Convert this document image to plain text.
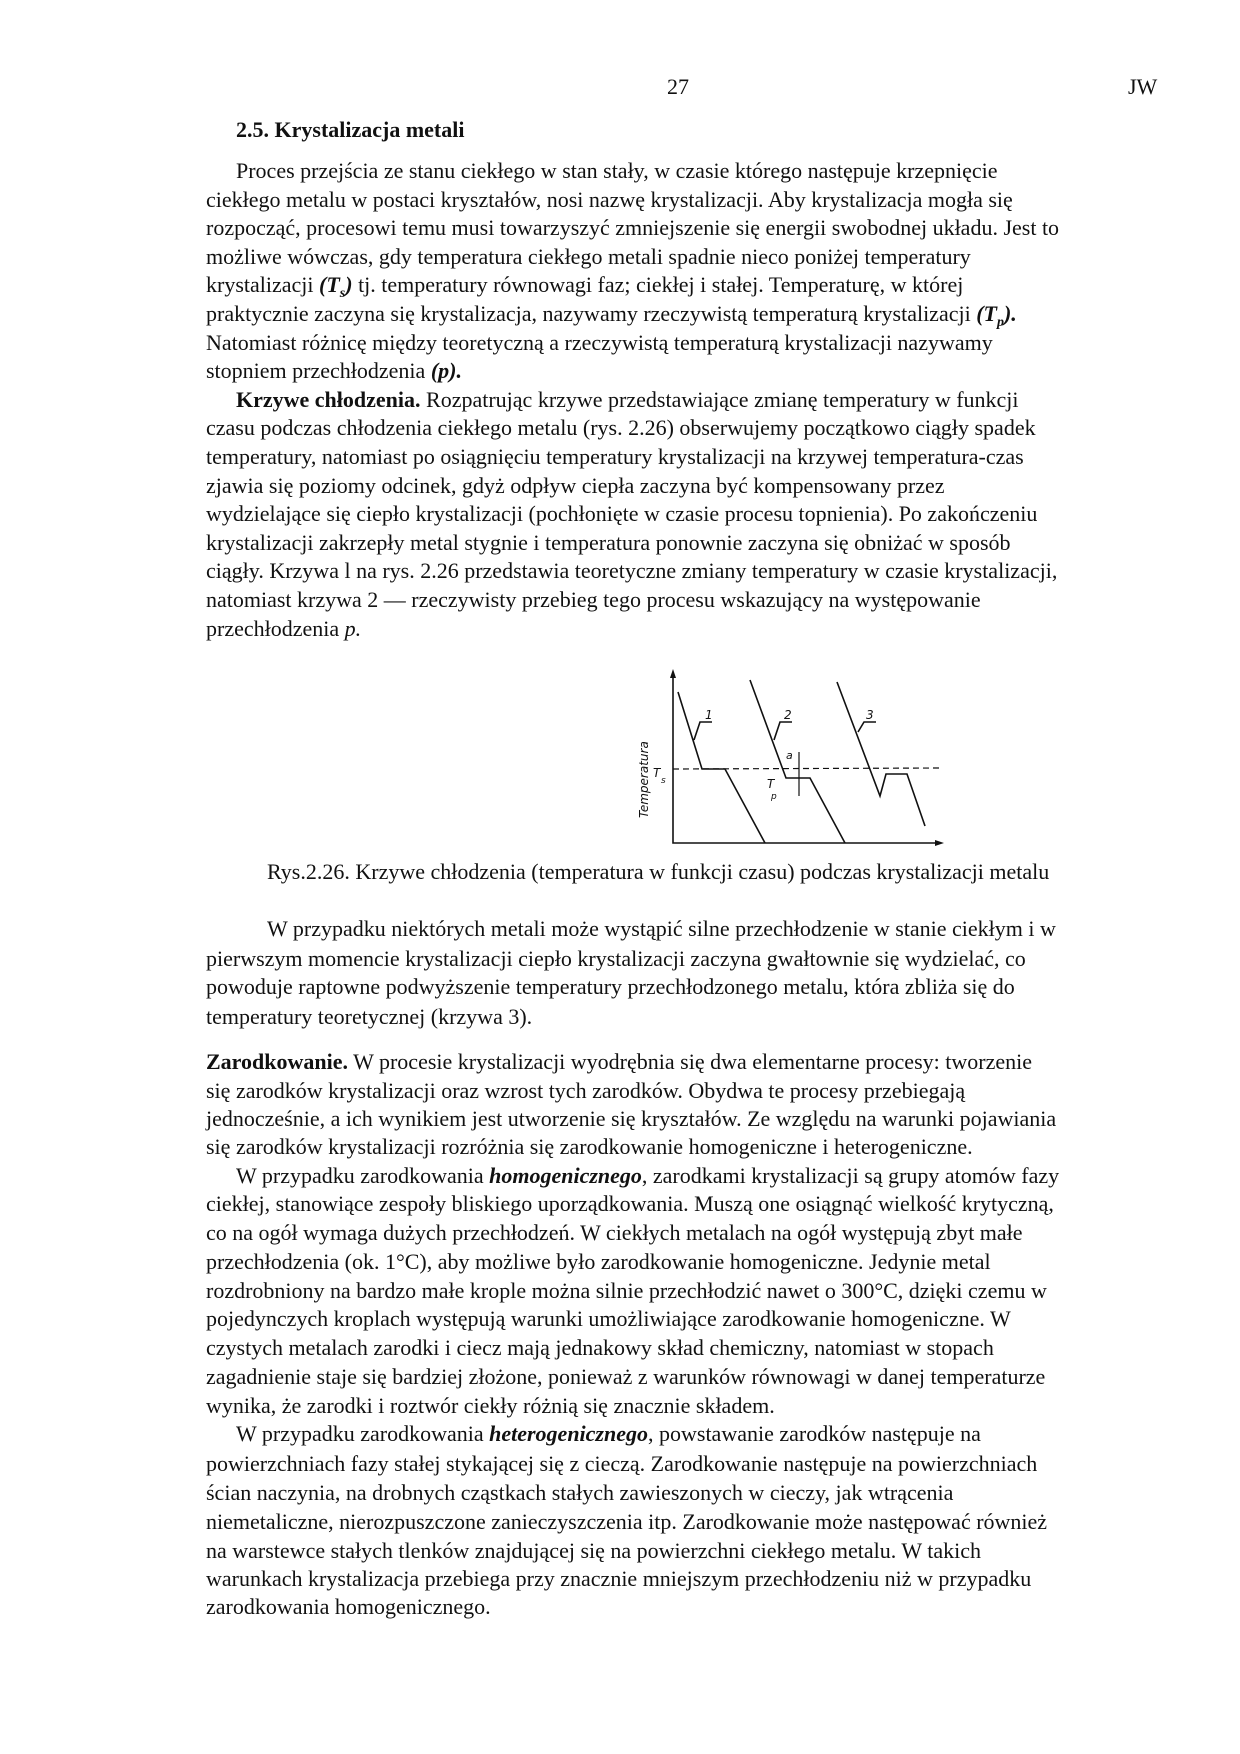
27	JW
2.5. Krystalizacja metali
Proces przejścia ze stanu ciekłego w stan stały, w czasie którego następuje krzepnięcie
ciekłego metalu w postaci kryształów, nosi nazwę krystalizacji. Aby krystalizacja mogła się
rozpocząć, procesowi temu musi towarzyszyć zmniejszenie się energii swobodnej układu. Jest to
możliwe wówczas, gdy temperatura ciekłego metali spadnie nieco poniżej temperatury
krystalizacji $(T_s)$ tj. temperatury równowagi faz; ciekłej i stałej. Temperaturę, w której
praktycznie zaczyna się krystalizacja, nazywamy rzeczywistą temperaturą krystalizacji $(T_p)$.
Natomiast różnicę między teoretyczną a rzeczywistą temperaturą krystalizacji nazywamy
stopniem przechłodzenia (p).
Krzywe chłodzenia. Rozpatrując krzywe przedstawiające zmianę temperatury w funkcji
czasu podczas chłodzenia ciekłego metalu (rys. 2.26) obserwujemy początkowo ciągły spadek
temperatury, natomiast po osiągnięciu temperatury krystalizacji na krzywej temperatura-czas
zjawia się poziomy odcinek, gdyż odpływ ciepła zaczyna być kompensowany przez
wydzielające się ciepło krystalizacji (pochłonięte w czasie procesu topnienia). Po zakończeniu
krystalizacji zakrzepły metal stygnie i temperatura ponownie zaczyna się obniżać w sposób
ciągły. Krzywa l na rys. 2.26 przedstawia teoretyczne zmiany temperatury w czasie krystalizacji,
natomiast krzywa 2 — rzeczywisty przebieg tego procesu wskazujący na występowanie
przechłodzenia p.
Rys.2.26. Krzywe chłodzenia (temperatura w funkcji czasu) podczas krystalizacji metalu
W przypadku niektórych metali może wystąpić silne przechłodzenie w stanie ciekłym i w
pierwszym momencie krystalizacji ciepło krystalizacji zaczyna gwałtownie się wydzielać, co
powoduje raptowne podwyższenie temperatury przechłodzonego metalu, która zbliża się do
temperatury teoretycznej (krzywa 3).
Zarodkowanie. W procesie krystalizacji wyodrębnia się dwa elementarne procesy: tworzenie
się zarodków krystalizacji oraz wzrost tych zarodków. Obydwa te procesy przebiegają
jednocześnie, a ich wynikiem jest utworzenie się kryształów. Ze względu na warunki pojawiania
się zarodków krystalizacji rozróżnia się zarodkowanie homogeniczne i heterogeniczne.
W przypadku zarodkowania homogenicznego, zarodkami krystalizacji są grupy atomów fazy
ciekłej, stanowiące zespoły bliskiego uporządkowania. Muszą one osiągnąć wielkość krytyczną,
co na ogół wymaga dużych przechłodzeń. W ciekłych metalach na ogół występują zbyt małe
przechłodzenia (ok. 1°C), aby możliwe było zarodkowanie homogeniczne. Jedynie metal
rozdrobniony na bardzo małe krople można silnie przechłodzić nawet o 300°C, dzięki czemu w
pojedynczych kroplach występują warunki umożliwiające zarodkowanie homogeniczne. W
czystych metalach zarodki i ciecz mają jednakowy skład chemiczny, natomiast w stopach
zagadnienie staje się bardziej złożone, ponieważ z warunków równowagi w danej temperaturze
wynika, że zarodki i roztwór ciekły różnią się znacznie składem.
W przypadku zarodkowania heterogenicznego, powstawanie zarodków następuje na
powierzchniach fazy stałej stykającej się z cieczą. Zarodkowanie następuje na powierzchniach
ścian naczynia, na drobnych cząstkach stałych zawieszonych w cieczy, jak wtrącenia
niemetaliczne, nierozpuszczone zanieczyszczenia itp. Zarodkowanie może następować również
na warstewce stałych tlenków znajdującej się na powierzchni ciekłego metalu. W takich
warunkach krystalizacja przebiega przy znacznie mniejszym przechłodzeniu niż w przypadku
zarodkowania homogenicznego.
Temperatura T
s	T
p
1	2	3
a
